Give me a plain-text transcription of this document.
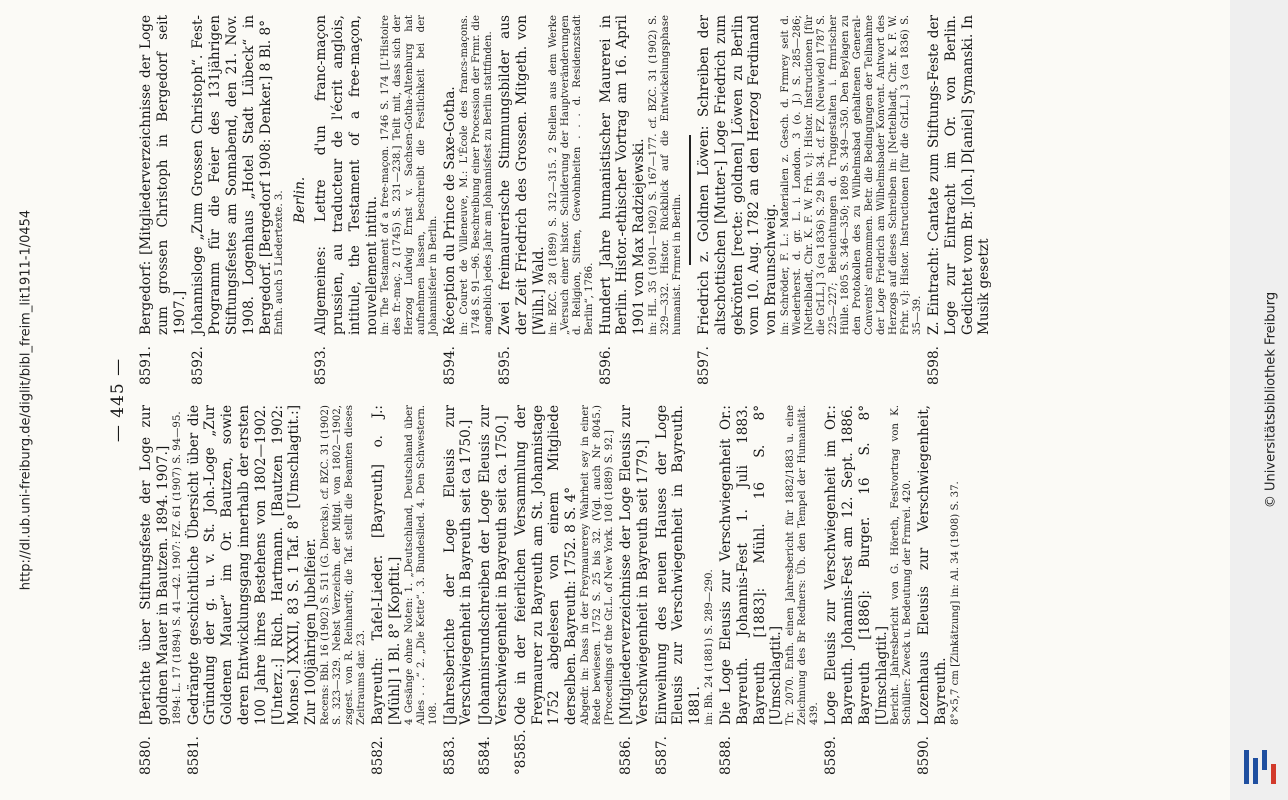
— 445 —
8580.
[Berichte über Stiftungsfeste der Loge zur goldnen Mauer in Bautzen. 1894. 1907.] 1894: L. 17 (1894) S. 41—42. 1907: FZ. 61 (1907) S. 94—95.
8581.
Gedrängte geschichtliche Übersicht über die Gründung der g. u. v. St. Joh.-Loge „Zur Goldenen Mauer“ im Or. Bautzen, sowie deren Entwicklungsgang innerhalb der ersten 100 Jahre ihres Bestehens von 1802—1902. [Unterz.:] Rich. Hartmann. [Bautzen 1902: Monse.] XXXII, 83 S. 1 Taf. 8° [Umschlagtit.:] Zur 100jährigen Jubelfeier. Recens: Bbl. 16 (1902) S. 511 (G. Diercks). cf. BZC. 31 (1902) S. 323—329. Nebst Verzeichn. der Mitgl. von 1802—1902, zsgest. von R. Reinhardt; die Taf. stellt die Beamten dieses Zeitraums dar. 23.
8582.
Bayreuth: Tafel-Lieder. [Bayreuth] o. J.: [Mühl] 1 Bl. 8° [Kopftit.] 4 Gesänge ohne Noten: 1. „Deutschland, Deutschland über Alles . . .“ 2. „Die Kette“. 3. Bundeslied. 4. Den Schwestern. 108.
8583.
[Jahresberichte der Loge Eleusis zur Verschwiegenheit in Bayreuth seit ca 1750.]
8584.
[Johannisrundschreiben der Loge Eleusis zur Verschwiegenheit in Bayreuth seit ca. 1750.]
°8585.
Ode in der feierlichen Versammlung der Freymaurer zu Bayreuth am St. Johannistage 1752 abgelesen von einem Mitgliede derselben. Bayreuth: 1752. 8 S. 4° Abgedr. in: Dass in der Freymaurerey Wahrheit sey in einer Rede bewiesen. 1752 S. 25 bis 32. (Vgl. auch Nr 8045.) [Proceedings of the Gr.L. of New York. 108 (1889) S. 92.]
8586.
[Mitgliederverzeichnisse der Loge Eleusis zur Verschwiegenheit in Bayreuth seit 1779.]
8587.
Einweihung des neuen Hauses der Loge Eleusis zur Verschwiegenheit in Bayreuth. 1881. in: Bh. 24 (1881) S. 289—290.
8588.
Die Loge Eleusis zur Verschwiegenheit Or.: Bayreuth. Johannis-Fest 1. Juli 1883. Bayreuth [1883]: Mühl. 16 S. 8° [Umschlagtit.] Tr. 2070. Enth. einen Jahresbericht für 1882/1883 u. eine Zeichnung des Br Redners: Üb. den Tempel der Humanität. 439.
8589.
Loge Eleusis zur Verschwiegenheit im Or.: Bayreuth. Johannis-Fest am 12. Sept. 1886. Bayreuth [1886]: Burger. 16 S. 8° [Umschlagtit.] Bericht. Jahresbericht von G. Höreth, Festvortrag von K. Schüller: Zweck u. Bedeutung der Frmrei. 420.
8590.
Lozenhaus Eleusis zur Verschwiegenheit, Bayreuth. 8°×5,7 cm [Zinkätzung] in: Al. 34 (1908) S. 37.
8591.
Bergedorf: [Mitgliederverzeichnisse der Loge zum grossen Christoph in Bergedorf seit 1907.]
8592.
Johannisloge „Zum Grossen Christoph“. Fest-Programm für die Feier des 131jährigen Stiftungsfestes am Sonnabend, den 21. Nov. 1908. Logenhaus „Hotel Stadt Lübeck“ in Bergedorf. [Bergedorf 1908: Denker.] 8 Bl. 8° Enth. auch 5 Liedertexte. 3. Berlin.
8593.
Allgemeines: Lettre d'un franc-maçon prussien, au traducteur de l'écrit anglois, intitule, the Testament of a free-maçon, nouvellement intitu. in: The Testament of a free-maçon. 1746 S. 174 [L'Histoire des fr.-maç. 2 (1745) S. 231—238.] Teilt mit, dass sich der Herzog Ludwig Ernst v. Sachsen-Gotha-Altenburg hat aufnehmen lassen, beschreibt die Festlichkeit bei der Johannisfeier in Berlin.
8594.
Réception du Prince de Saxe-Gotha. in: Couret de Villeneuve, M.: L'École des francs-maçons. 1748 S. 91—96. Beschreibung einer Procession der Frmr. die angeblich jedes Jahr am Johannisfest zu Berlin stattfinden.
8595.
Zwei freimaurerische Stimmungsbilder aus der Zeit Friedrich des Grossen. Mitgeth. von [Wilh.] Wald. in: BZC. 28 (1899) S. 312—315. 2 Stellen aus dem Werke „Versuch einer histor. Schilderung der Hauptveränderungen d. Religion, Sitten, Gewohnheiten . . . d. Residenzstadt Berlin“, 1786.
8596.
Hundert Jahre humanistischer Maurerei in Berlin. Histor.-ethischer Vortrag am 16. April 1901 von Max Radziejewski. in: HL. 35 (1901—1902) S. 167—177. cf. BZC. 31 (1902) S. 329—332. Histor. Rückblick auf die Entwickelungsphase humanist. Frmrei in Berlin.
8597.
Friedrich z. Goldnen Löwen: Schreiben der altschottischen [Mutter-] Loge Friedrich zum gekrönten [recte: goldnen] Löwen zu Berlin vom 10. Aug. 1782 an den Herzog Ferdinand von Braunschweig. in: Schröder, F. L.: Materialien z. Gesch. d. Frmrey seit d. Wiederherst. d. gr. L. i. London. 3 (o. J.) S. 285—286; [Nettelbladt, Chr. K. F. W. Frh. v.]: Histor. Instructionen [für die GrLL.] 3 (ca 1836) S. 29 bis 34. cf. FZ. (Neuwied) 1787 S. 225—227; Beleuchtungen d. Truggestalten i. frmrischer Hülle. 1805 S. 346—350; 1809 S. 349—350. Den Beylagen zu den Protokollen des zu Wilhelmsbad gehaltenen General-Convents' entnommen. Betr. die Bedingungen der Teilnahme der Loge Friedrich am Wilhelmsbader Konvent. Antwort des Herzogs auf dieses Schreiben in: [Nettelbladt, Chr. K. F. W. Frhr. v.]: Histor. Instructionen [für die GrLL.] 3 (ca 1836) S. 35—39.
8598.
Z. Eintracht: Cantate zum Stiftungs-Feste der Loge zur Eintracht im Or. von Berlin. Gedichtet vom Br. J[oh.] D[aniel] Symanski. In Musik gesetzt
http://dl.ub.uni-freiburg.de/diglit/bibl_freim_lit1911-1/0454	© Universitätsbibliothek Freiburg
